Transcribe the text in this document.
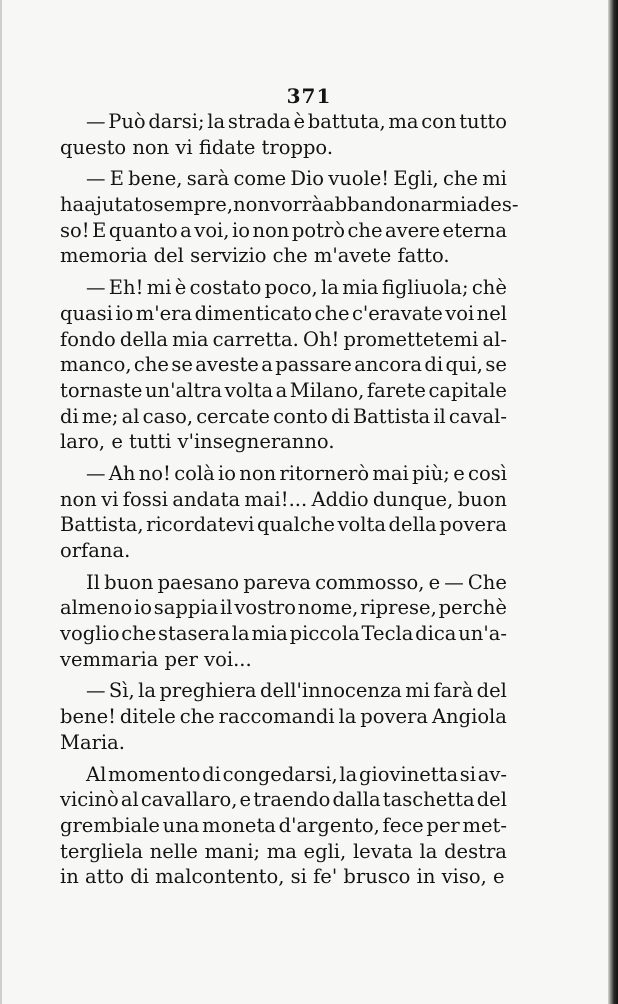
371
— Può darsi; la strada è battuta, ma con tutto
questo non vi fidate troppo.
— E bene, sarà come Dio vuole! Egli, che mi
ha ajutato sempre, non vorrà abbandonarmi ades-
so! E quanto a voi, io non potrò che avere eterna
memoria del servizio che m'avete fatto.
— Eh! mi è costato poco, la mia figliuola; chè
quasi io m'era dimenticato che c'eravate voi nel
fondo della mia carretta. Oh! promettetemi al-
manco, che se aveste a passare ancora di qui, se
tornaste un'altra volta a Milano, farete capitale
di me; al caso, cercate conto di Battista il caval-
laro, e tutti v'insegneranno.
— Ah no! colà io non ritornerò mai più; e così
non vi fossi andata mai!... Addio dunque, buon
Battista, ricordatevi qualche volta della povera
orfana.
Il buon paesano pareva commosso, e — Che
almeno io sappia il vostro nome, riprese, perchè
voglio che stasera la mia piccola Tecla dica un'a-
vemmaria per voi...
— Sì, la preghiera dell'innocenza mi farà del
bene! ditele che raccomandi la povera Angiola
Maria.
Al momento di congedarsi, la giovinetta si av-
vicinò al cavallaro, e traendo dalla taschetta del
grembiale una moneta d'argento, fece per met-
tergliela nelle mani; ma egli, levata la destra
in atto di malcontento, si fe' brusco in viso, e
